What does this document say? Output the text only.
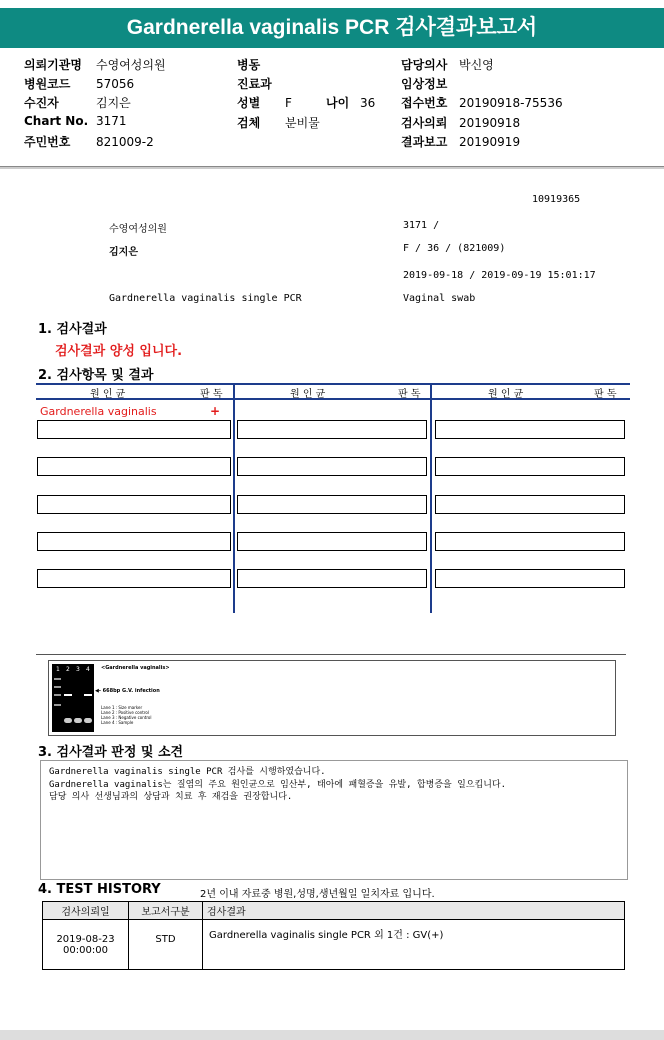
Gardnerella vaginalis PCR 검사결과보고서
의뢰기관명 수영여성의원
병원코드 57056
수진자	김지은
Chart No. 3171
주민번호 821009-2
병동
진료과
성별 F	나이 36
검체 분비물
담당의사 박신영
임상정보
접수번호 20190918-75536
검사의뢰 20190918
결과보고 20190919
10919365
수영여성의원	3171 /
김지은	F / 36 / (821009)
2019-09-18 / 2019-09-19 15:01:17
Gardnerella vaginalis single PCR	Vaginal swab
1. 검사결과
검사결과 양성 입니다.
2. 검사항목 및 결과
원 인 균	판 독	원 인 균	판 독	원 인 균	판 독
Gardnerella vaginalis	+
1 2 3 4 <Gardnerella vaginalis>
◀- 668bp G.V. infection
Lane 1 : Size marker
Lane 2 : Positive control
Lane 3 : Negative control
Lane 4 : Sample
3. 검사결과 판정 및 소견
Gardnerella vaginalis single PCR 검사를 시행하였습니다.
Gardnerella vaginalis는 질염의 주요 원인균으로 임산부, 태아에 패혈증을 유발, 합병증을 일으킵니다.
담당 의사 선생님과의 상담과 치료 후 재검을 권장합니다.
4. TEST HISTORY	2년 이내 자료중 병원,성명,생년월일 일치자료 입니다.
검사의뢰일	보고서구분	검사결과

2019-08-23
00:00:00	STD	Gardnerella vaginalis single PCR 외 1건 : GV(+)
